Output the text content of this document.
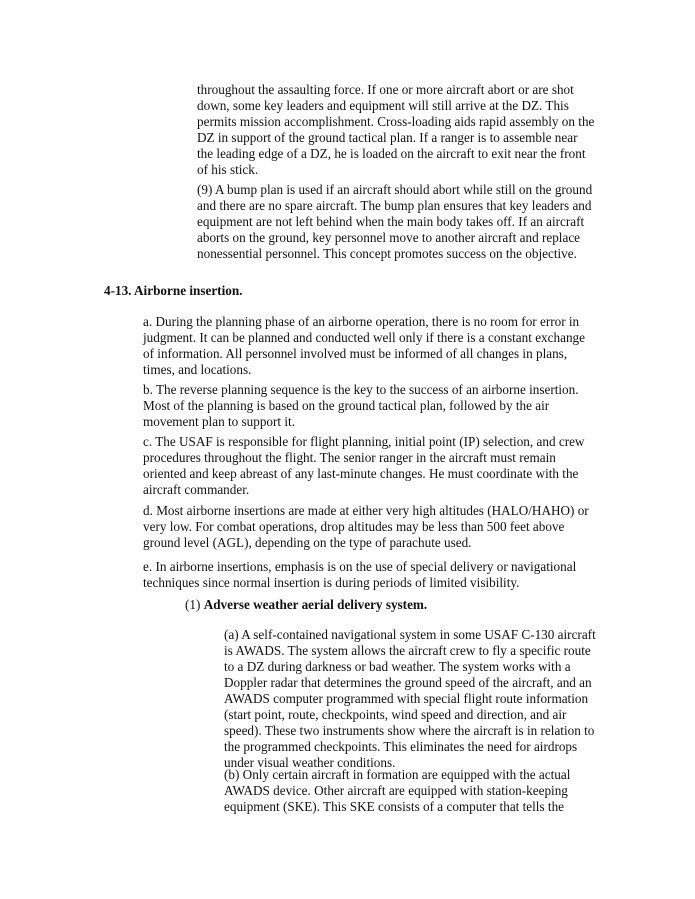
throughout the assaulting force. If one or more aircraft abort or are shot down, some key leaders and equipment will still arrive at the DZ. This permits mission accomplishment. Cross-loading aids rapid assembly on the DZ in support of the ground tactical plan. If a ranger is to assemble near the leading edge of a DZ, he is loaded on the aircraft to exit near the front of his stick.

(9) A bump plan is used if an aircraft should abort while still on the ground and there are no spare aircraft. The bump plan ensures that key leaders and equipment are not left behind when the main body takes off. If an aircraft aborts on the ground, key personnel move to another aircraft and replace nonessential personnel. This concept promotes success on the objective.

4-13. Airborne insertion.

a. During the planning phase of an airborne operation, there is no room for error in judgment. It can be planned and conducted well only if there is a constant exchange of information. All personnel involved must be informed of all changes in plans, times, and locations.

b. The reverse planning sequence is the key to the success of an airborne insertion. Most of the planning is based on the ground tactical plan, followed by the air movement plan to support it.

c. The USAF is responsible for flight planning, initial point (IP) selection, and crew procedures throughout the flight. The senior ranger in the aircraft must remain oriented and keep abreast of any last-minute changes. He must coordinate with the aircraft commander.

d. Most airborne insertions are made at either very high altitudes (HALO/HAHO) or very low. For combat operations, drop altitudes may be less than 500 feet above ground level (AGL), depending on the type of parachute used.

e. In airborne insertions, emphasis is on the use of special delivery or navigational techniques since normal insertion is during periods of limited visibility.

(1) Adverse weather aerial delivery system.

(a) A self-contained navigational system in some USAF C-130 aircraft is AWADS. The system allows the aircraft crew to fly a specific route to a DZ during darkness or bad weather. The system works with a Doppler radar that determines the ground speed of the aircraft, and an AWADS computer programmed with special flight route information (start point, route, checkpoints, wind speed and direction, and air speed). These two instruments show where the aircraft is in relation to the programmed checkpoints. This eliminates the need for airdrops under visual weather conditions.

(b) Only certain aircraft in formation are equipped with the actual AWADS device. Other aircraft are equipped with station-keeping equipment (SKE). This SKE consists of a computer that tells the
